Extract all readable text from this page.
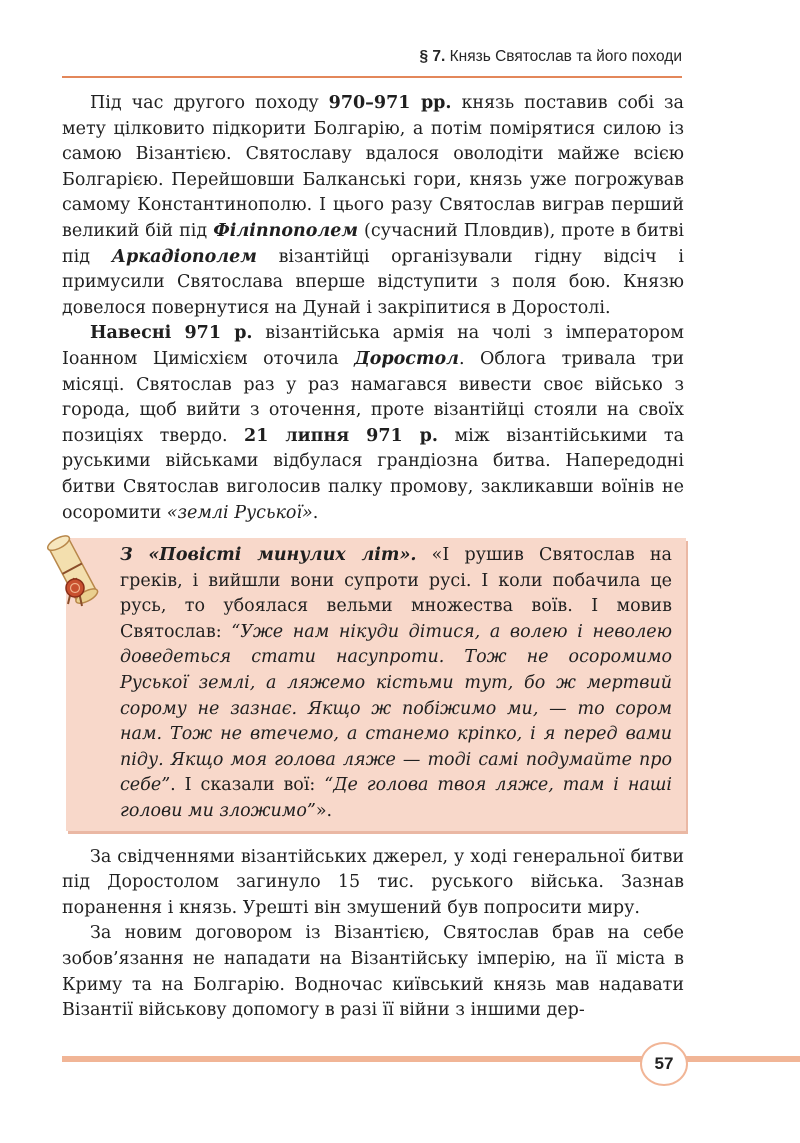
§ 7. Князь Святослав та його походи

Під час другого походу 970–971 рр. князь поставив собі за мету цілковито підкорити Болгарію, а потім помірятися силою із самою Візантією. Святославу вдалося оволодіти майже всією Болгарією. Перейшовши Балканські гори, князь уже погрожував самому Константинополю. І цього разу Святослав виграв перший великий бій під Філіппополем (сучасний Пловдив), проте в битві під Аркадіополем візантійці організували гідну відсіч і примусили Святослава вперше відступити з поля бою. Князю довелося повернутися на Дунай і закріпитися в Доростолі.

Навесні 971 р. візантійська армія на чолі з імператором Іоанном Цимісхієм оточила Доростол. Облога тривала три місяці. Святослав раз у раз намагався вивести своє військо з города, щоб вийти з оточення, проте візантійці стояли на своїх позиціях твердо. 21 липня 971 р. між візантійськими та руськими військами відбулася грандіозна битва. Напередодні битви Святослав виголосив палку промову, закликавши воїнів не осоромити «землі Руської».

З «Повісті минулих літ». «І рушив Святослав на греків, і вийшли вони супроти русі. І коли побачила це русь, то убоялася вельми множества воїв. І мовив Святослав: “Уже нам нікуди дітися, а волею і неволею доведеться стати насупроти. Тож не осоромимо Руської землі, а ляжемо кістьми тут, бо ж мертвий сорому не зазнає. Якщо ж побіжимо ми, — то сором нам. Тож не втечемо, а станемо кріпко, і я перед вами піду. Якщо моя голова ляже — тоді самі подумайте про себе”. І сказали вої: “Де голова твоя ляже, там і наші голови ми зложимо”».

За свідченнями візантійських джерел, у ході генеральної битви під Доростолом загинуло 15 тис. руського війська. Зазнав поранення і князь. Урешті він змушений був попросити миру.

За новим договором із Візантією, Святослав брав на себе зобов’язання не нападати на Візантійську імперію, на її міста в Криму та на Болгарію. Водночас київський князь мав надавати Візантії військову допомогу в разі її війни з іншими дер-

57
